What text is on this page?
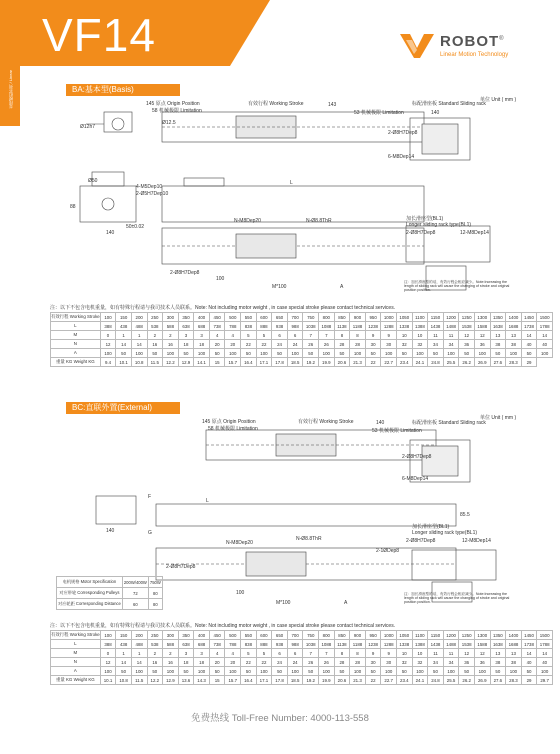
VF14	ROBOT®
Linear Motion Technology
直线模组系列 / Linear	BA:基本型(Basis)
单位 Unit ( mm )
145 原点 Origin Position
58 机械极限 Limitation
有效行程 Working Stroke	143
53 机械极限 Limitation
标配滑座板 Standard Sliding rack
140
2-Ø8H7Dep8
6-M8Dep14
Ø12h7
Ø12.5
Ø50
4-M5Dep10
2-Ø5H7Dep10
88
140
50±0.02
L
N-M8Dep20	N-Ø8.8ThR
2-Ø8H7Dep8
100
M*100	A
加长滑座型(BL1)
Longer sliding rack type(BL1)
12-M8Dep14
2-Ø8H7Dep8
注：加长滑座型的话，有效行程会相应减少。Note:Increasing the length of sliding rack will cause the changing of stroke and original position position.
注：以下不包含电机重量，如有特殊行程请与我司技术人员联系。Note: Not including motor weight , in case special stroke please contact technical services.
有效行程 Working Stroke	100	150	200	250	300	350	400	450	500	550	600	650	700	750	800	850	900	950	1000	1050	1100	1150	1200	1250	1300	1350	1400	1450	1500
L	388	438	488	538	588	638	688	738	788	838	888	938	988	1038	1088	1138	1188	1238	1288	1338	1388	1438	1488	1538	1588	1638	1688	1738	1788
M	0	1	1	2	2	3	3	4	4	5	5	6	6	7	7	8	8	9	9	10	10	11	11	12	12	13	13	14	14
N	12	14	14	16	16	18	18	20	20	22	22	24	24	26	26	28	28	30	30	32	32	34	34	36	36	38	38	40	40
A	100	50	100	50	100	50	100	50	100	50	100	50	100	50	100	50	100	50	100	50	100	50	100	50	100	50	100	50	100
重量 KG Weight KG	9.4	10.1	10.8	11.5	12.2	12.9	14.1	15	15.7	16.4	17.1	17.8	18.5	19.2	19.9	20.6	21.3	22	22.7	23.4	24.1	24.8	25.5	26.2	26.9	27.6	28.3	29	
BC:直联外置(External)
单位 Unit ( mm )
145 原点 Origin Position
58 机械极限 Limitation
有效行程 Working Stroke	140
53 机械极限 Limitation
标配滑座板 Standard Sliding rack
2-Ø8H7Dep8
6-M8Dep14
140
L
F
G
85.5
N-M8Dep20
N-Ø8.8ThR
2-1ØDep8
2-Ø8H7Dep8
M*100
100
A
加长滑座型(BL1)
Longer sliding rack type(BL1)
12-M8Dep14
2-Ø8H7Dep8
注：加长滑座型的话，有效行程会相应减少。Note:Increasing the length of sliding rack will cause the changing of stroke and original position position.
电机规格 Motor Specification	200W/400W	750W
对应带轮 Corresponding Pulleys	72	80
对应轮距 Corresponding Distance	60	80
注：以下不包含电机重量，如有特殊行程请与我司技术人员联系。Note: Not including motor weight , in case special stroke please contact technical services.
有效行程 Working Stroke	100	150	200	250	300	350	400	450	500	550	600	650	700	750	800	850	900	950	1000	1050	1100	1150	1200	1250	1300	1350	1400	1450	1500
L	388	438	488	538	588	638	688	738	788	838	888	938	988	1038	1088	1138	1188	1238	1288	1338	1388	1438	1488	1538	1588	1638	1688	1738	1788
M	0	1	1	2	2	3	3	4	4	5	5	6	6	7	7	8	8	9	9	10	10	11	11	12	12	13	13	14	14
N	12	14	14	16	16	18	18	20	20	22	22	24	24	26	26	28	28	30	30	32	32	34	34	36	36	38	38	40	40
A	100	50	100	50	100	50	100	50	100	50	100	50	100	50	100	50	100	50	100	50	100	50	100	50	100	50	100	50	100
重量 KG Weight KG	10.1	10.8	11.5	12.2	12.9	13.6	14.3	15	15.7	16.4	17.1	17.8	18.5	19.2	19.9	20.6	21.3	22	22.7	23.4	24.1	24.8	25.5	26.2	26.9	27.6	28.3	29	29.7
免费热线 Toll-Free Number: 4000-113-558
